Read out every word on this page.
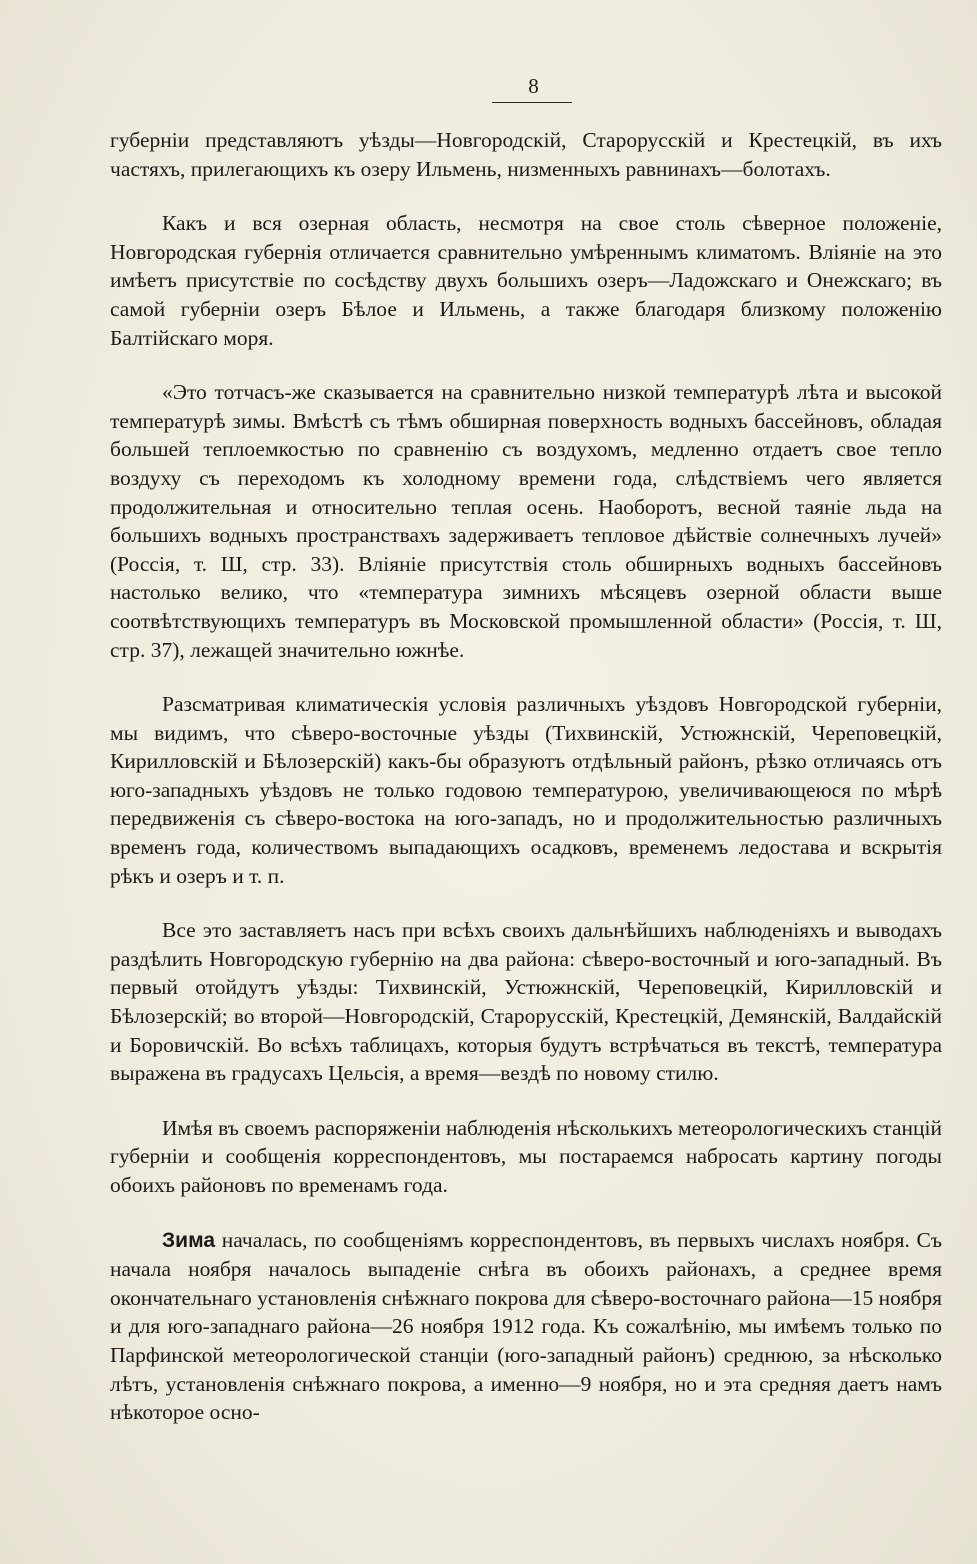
8

губерніи представляютъ уѣзды—Новгородскій, Старорусскій и Крестецкій, въ ихъ частяхъ, прилегающихъ къ озеру Ильмень, низменныхъ равнинахъ—болотахъ.

Какъ и вся озерная область, несмотря на свое столь сѣверное положеніе, Новгородская губернія отличается сравнительно умѣреннымъ климатомъ. Вліяніе на это имѣетъ присутствіе по сосѣдству двухъ большихъ озеръ—Ладожскаго и Онежскаго; въ самой губерніи озеръ Бѣлое и Ильмень, а также благодаря близкому положенію Балтійскаго моря.

«Это тотчасъ-же сказывается на сравнительно низкой температурѣ лѣта и высокой температурѣ зимы. Вмѣстѣ съ тѣмъ обширная поверхность водныхъ бассейновъ, обладая большей теплоемкостью по сравненію съ воздухомъ, медленно отдаетъ свое тепло воздуху съ переходомъ къ холодному времени года, слѣдствіемъ чего является продолжительная и относительно теплая осень. Наоборотъ, весной таяніе льда на большихъ водныхъ пространствахъ задерживаетъ тепловое дѣйствіе солнечныхъ лучей» (Россія, т. Ш, стр. 33). Вліяніе присутствія столь обширныхъ водныхъ бассейновъ настолько велико, что «температура зимнихъ мѣсяцевъ озерной области выше соотвѣтствующихъ температуръ въ Московской промышленной области» (Россія, т. Ш, стр. 37), лежащей значительно южнѣе.

Разсматривая климатическія условія различныхъ уѣздовъ Новгородской губерніи, мы видимъ, что сѣверо-восточные уѣзды (Тихвинскій, Устюжнскій, Череповецкій, Кирилловскій и Бѣлозерскій) какъ-бы образуютъ отдѣльный районъ, рѣзко отличаясь отъ юго-западныхъ уѣздовъ не только годовою температурою, увеличивающеюся по мѣрѣ передвиженія съ сѣверо-востока на юго-западъ, но и продолжительностью различныхъ временъ года, количествомъ выпадающихъ осадковъ, временемъ ледостава и вскрытія рѣкъ и озеръ и т. п.

Все это заставляетъ насъ при всѣхъ своихъ дальнѣйшихъ наблюденіяхъ и выводахъ раздѣлить Новгородскую губернію на два района: сѣверо-восточный и юго-западный. Въ первый отойдутъ уѣзды: Тихвинскій, Устюжнскій, Череповецкій, Кирилловскій и Бѣлозерскій; во второй—Новгородскій, Старорусскій, Крестецкій, Демянскій, Валдайскій и Боровичскій. Во всѣхъ таблицахъ, которыя будутъ встрѣчаться въ текстѣ, температура выражена въ градусахъ Цельсія, а время—вездѣ по новому стилю.

Имѣя въ своемъ распоряженіи наблюденія нѣсколькихъ метеорологическихъ станцій губерніи и сообщенія корреспондентовъ, мы постараемся набросать картину погоды обоихъ районовъ по временамъ года.

Зима началась, по сообщеніямъ корреспондентовъ, въ первыхъ числахъ ноября. Съ начала ноября началось выпаденіе снѣга въ обоихъ районахъ, а среднее время окончательнаго установленія снѣжнаго покрова для сѣверо-восточнаго района—15 ноября и для юго-западнаго района—26 ноября 1912 года. Къ сожалѣнію, мы имѣемъ только по Парфинской метеорологической станціи (юго-западный районъ) среднюю, за нѣсколько лѣтъ, установленія снѣжнаго покрова, а именно—9 ноября, но и эта средняя даетъ намъ нѣкоторое осно-
